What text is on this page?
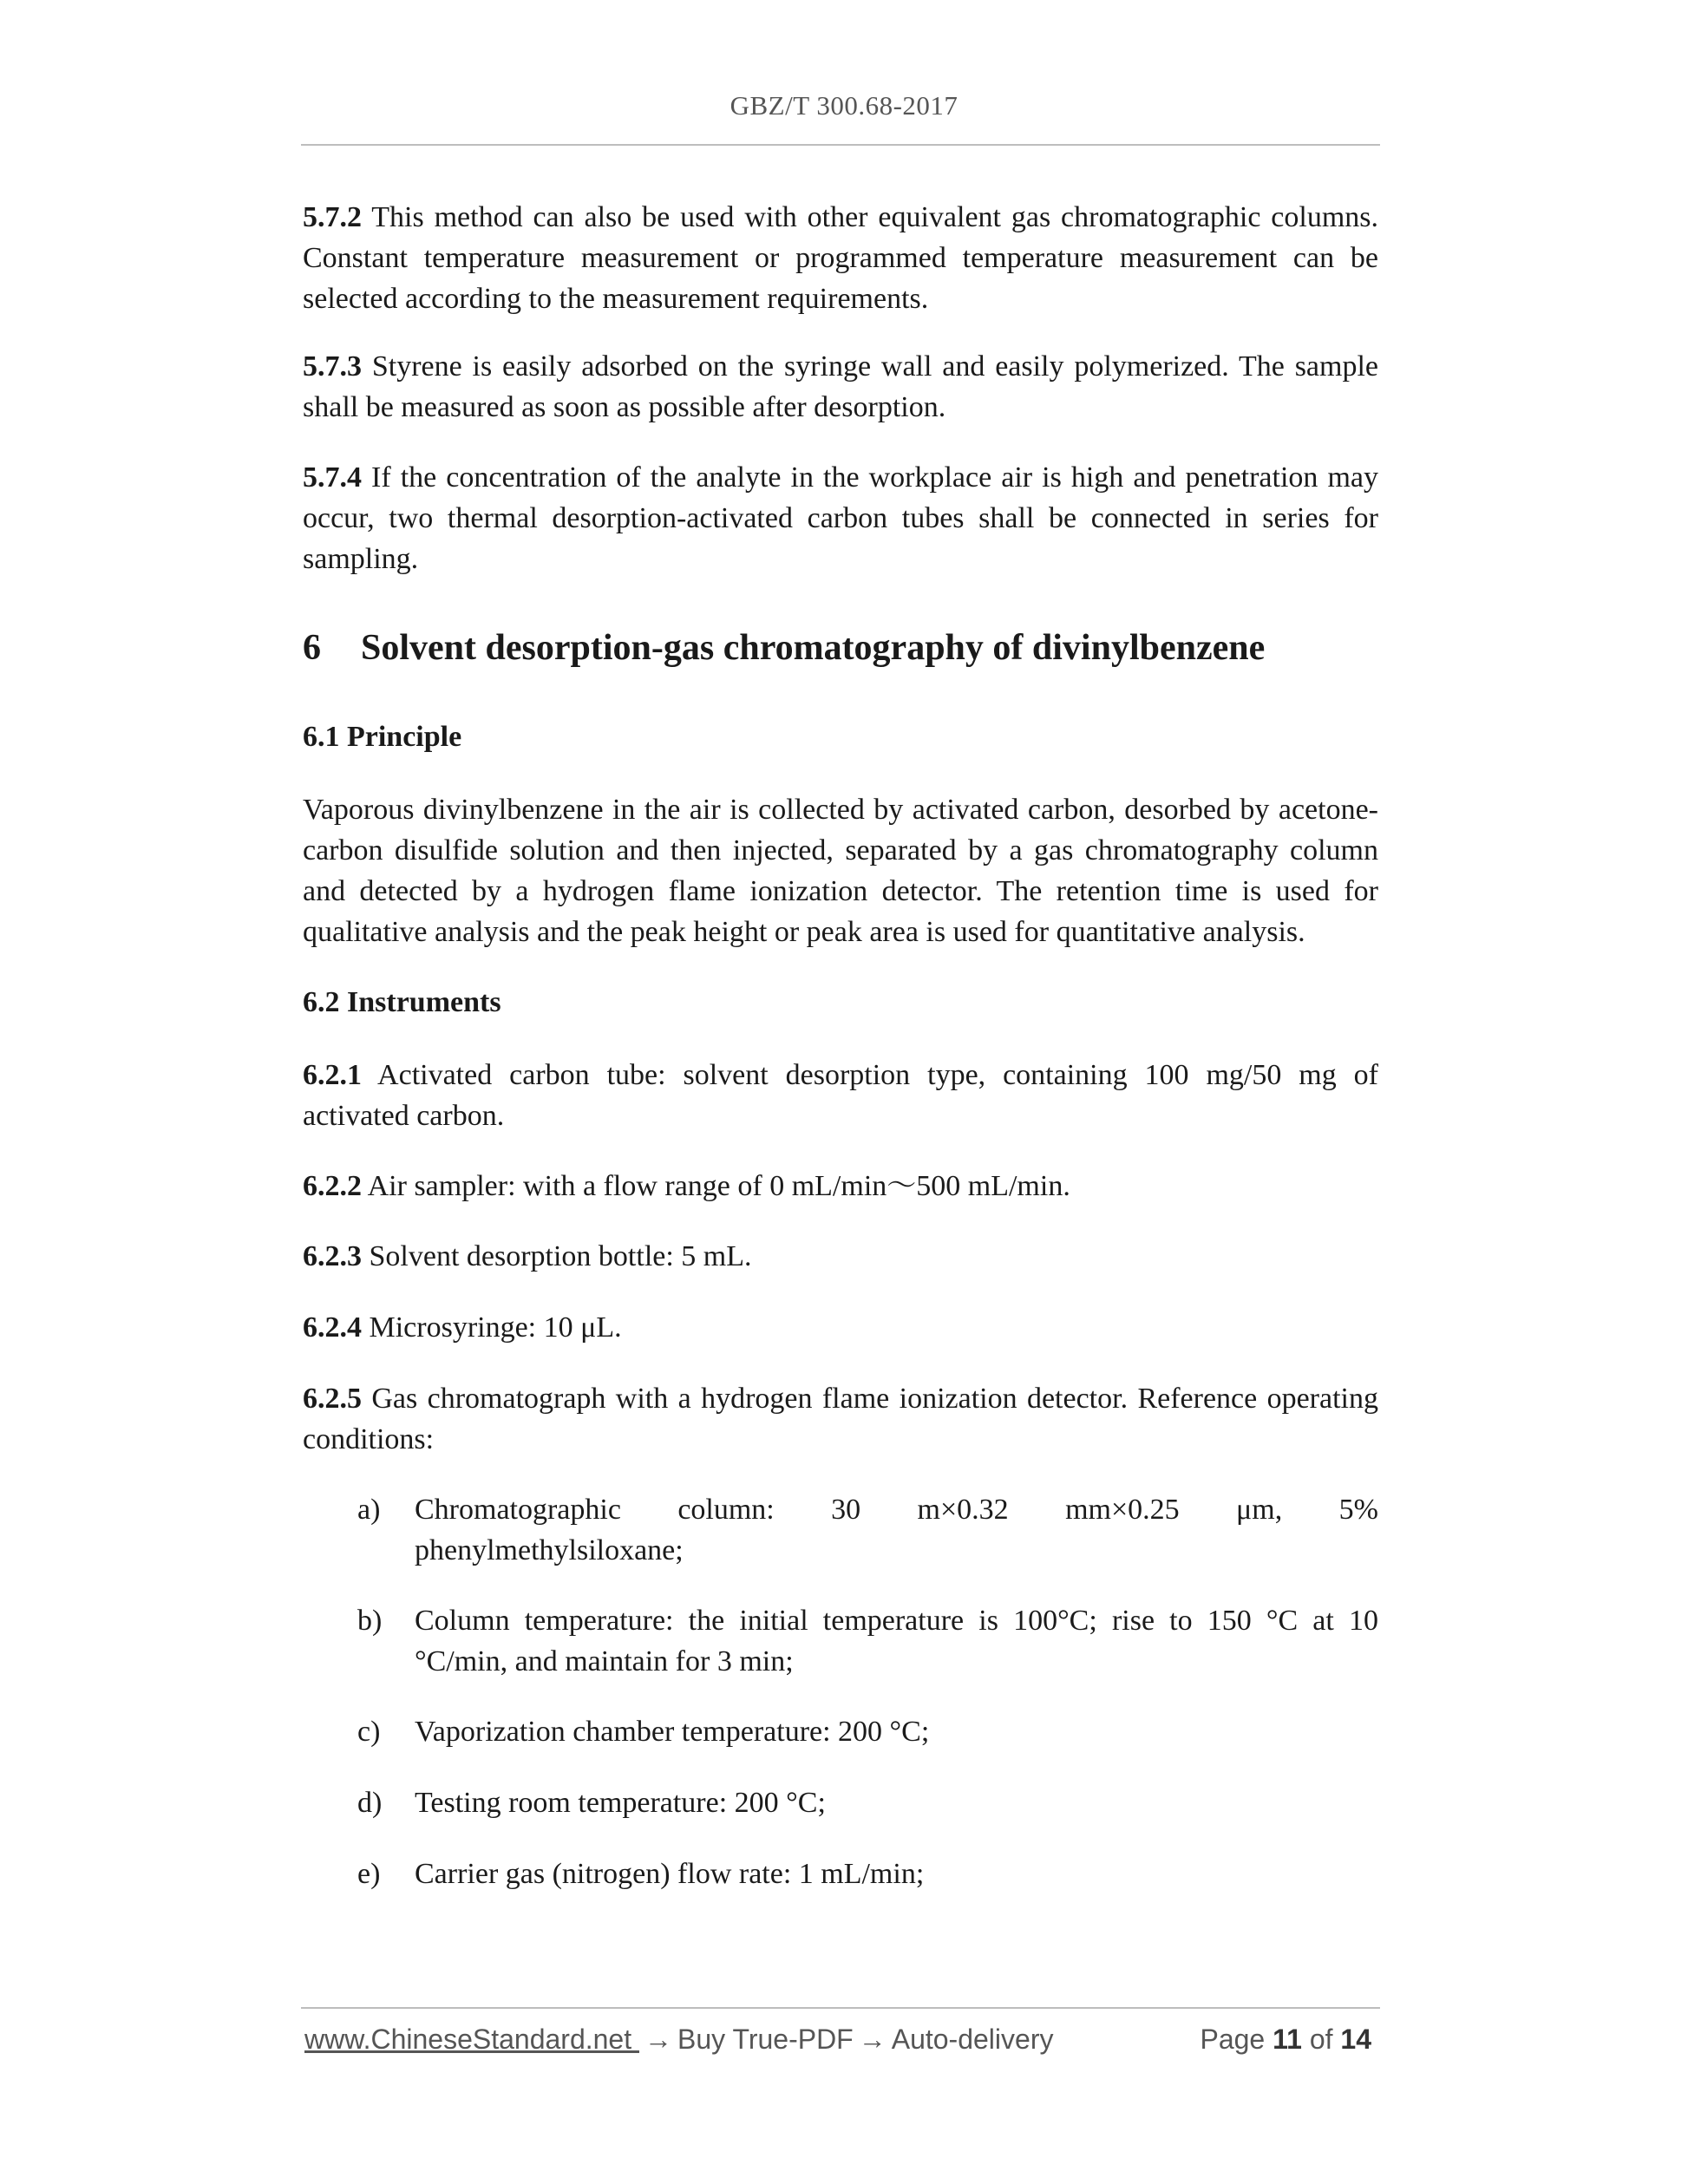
GBZ/T 300.68-2017

5.7.2 This method can also be used with other equivalent gas chromatographic columns. Constant temperature measurement or programmed temperature measurement can be selected according to the measurement requirements.

5.7.3 Styrene is easily adsorbed on the syringe wall and easily polymerized. The sample shall be measured as soon as possible after desorption.

5.7.4 If the concentration of the analyte in the workplace air is high and penetration may occur, two thermal desorption-activated carbon tubes shall be connected in series for sampling.

6 Solvent desorption-gas chromatography of divinylbenzene
6.1 Principle

Vaporous divinylbenzene in the air is collected by activated carbon, desorbed by acetone-carbon disulfide solution and then injected, separated by a gas chromatography column and detected by a hydrogen flame ionization detector. The retention time is used for qualitative analysis and the peak height or peak area is used for quantitative analysis.

6.2 Instruments

6.2.1 Activated carbon tube: solvent desorption type, containing 100 mg/50 mg of activated carbon.

6.2.2 Air sampler: with a flow range of 0 mL/min～500 mL/min.

6.2.3 Solvent desorption bottle: 5 mL.

6.2.4 Microsyringe: 10 μL.

6.2.5 Gas chromatograph with a hydrogen flame ionization detector. Reference operating conditions:

a)	Chromatographic column: 30 m×0.32 mm×0.25 μm, 5%
phenylmethylsiloxane;
b)	Column temperature: the initial temperature is 100°C; rise to 150 °C at 10 °C/min, and maintain for 3 min;
c)	Vaporization chamber temperature: 200 °C;
d)	Testing room temperature: 200 °C;
e)	Carrier gas (nitrogen) flow rate: 1 mL/min;
www.ChineseStandard.net → Buy True-PDF → Auto-delivery	Page 11 of 14
